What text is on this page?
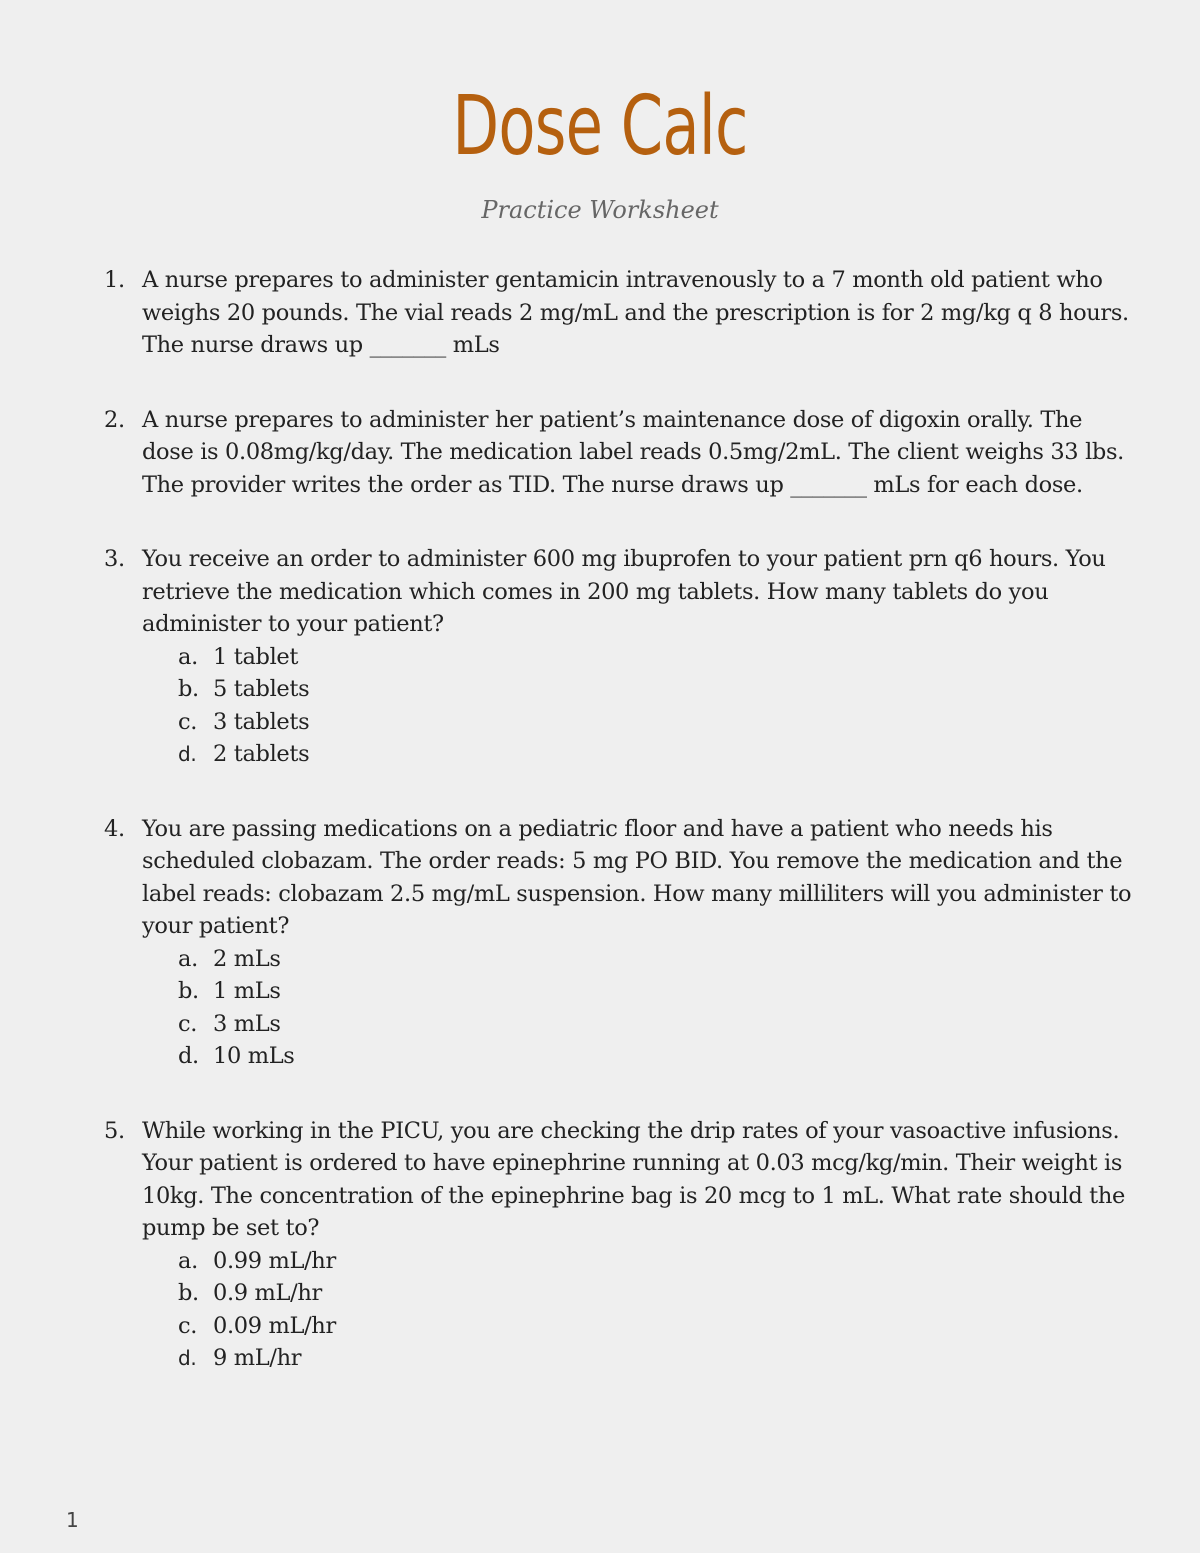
Dose Calc

Practice Worksheet

1. A nurse prepares to administer gentamicin intravenously to a 7 month old patient who weighs 20 pounds. The vial reads 2 mg/mL and the prescription is for 2 mg/kg q 8 hours. The nurse draws up _______ mLs
2. A nurse prepares to administer her patient’s maintenance dose of digoxin orally. The dose is 0.08mg/kg/day. The medication label reads 0.5mg/2mL. The client weighs 33 lbs. The provider writes the order as TID. The nurse draws up _______ mLs for each dose.
3. You receive an order to administer 600 mg ibuprofen to your patient prn q6 hours. You retrieve the medication which comes in 200 mg tablets. How many tablets do you administer to your patient?
a. 1 tablet
b. 5 tablets
c. 3 tablets
d. 2 tablets
4. You are passing medications on a pediatric floor and have a patient who needs his scheduled clobazam. The order reads: 5 mg PO BID. You remove the medication and the label reads: clobazam 2.5 mg/mL suspension. How many milliliters will you administer to your patient?
a. 2 mLs
b. 1 mLs
c. 3 mLs
d. 10 mLs
5. While working in the PICU, you are checking the drip rates of your vasoactive infusions. Your patient is ordered to have epinephrine running at 0.03 mcg/kg/min. Their weight is 10kg. The concentration of the epinephrine bag is 20 mcg to 1 mL. What rate should the pump be set to?
a. 0.99 mL/hr
b. 0.9 mL/hr
c. 0.09 mL/hr
d. 9 mL/hr
1
